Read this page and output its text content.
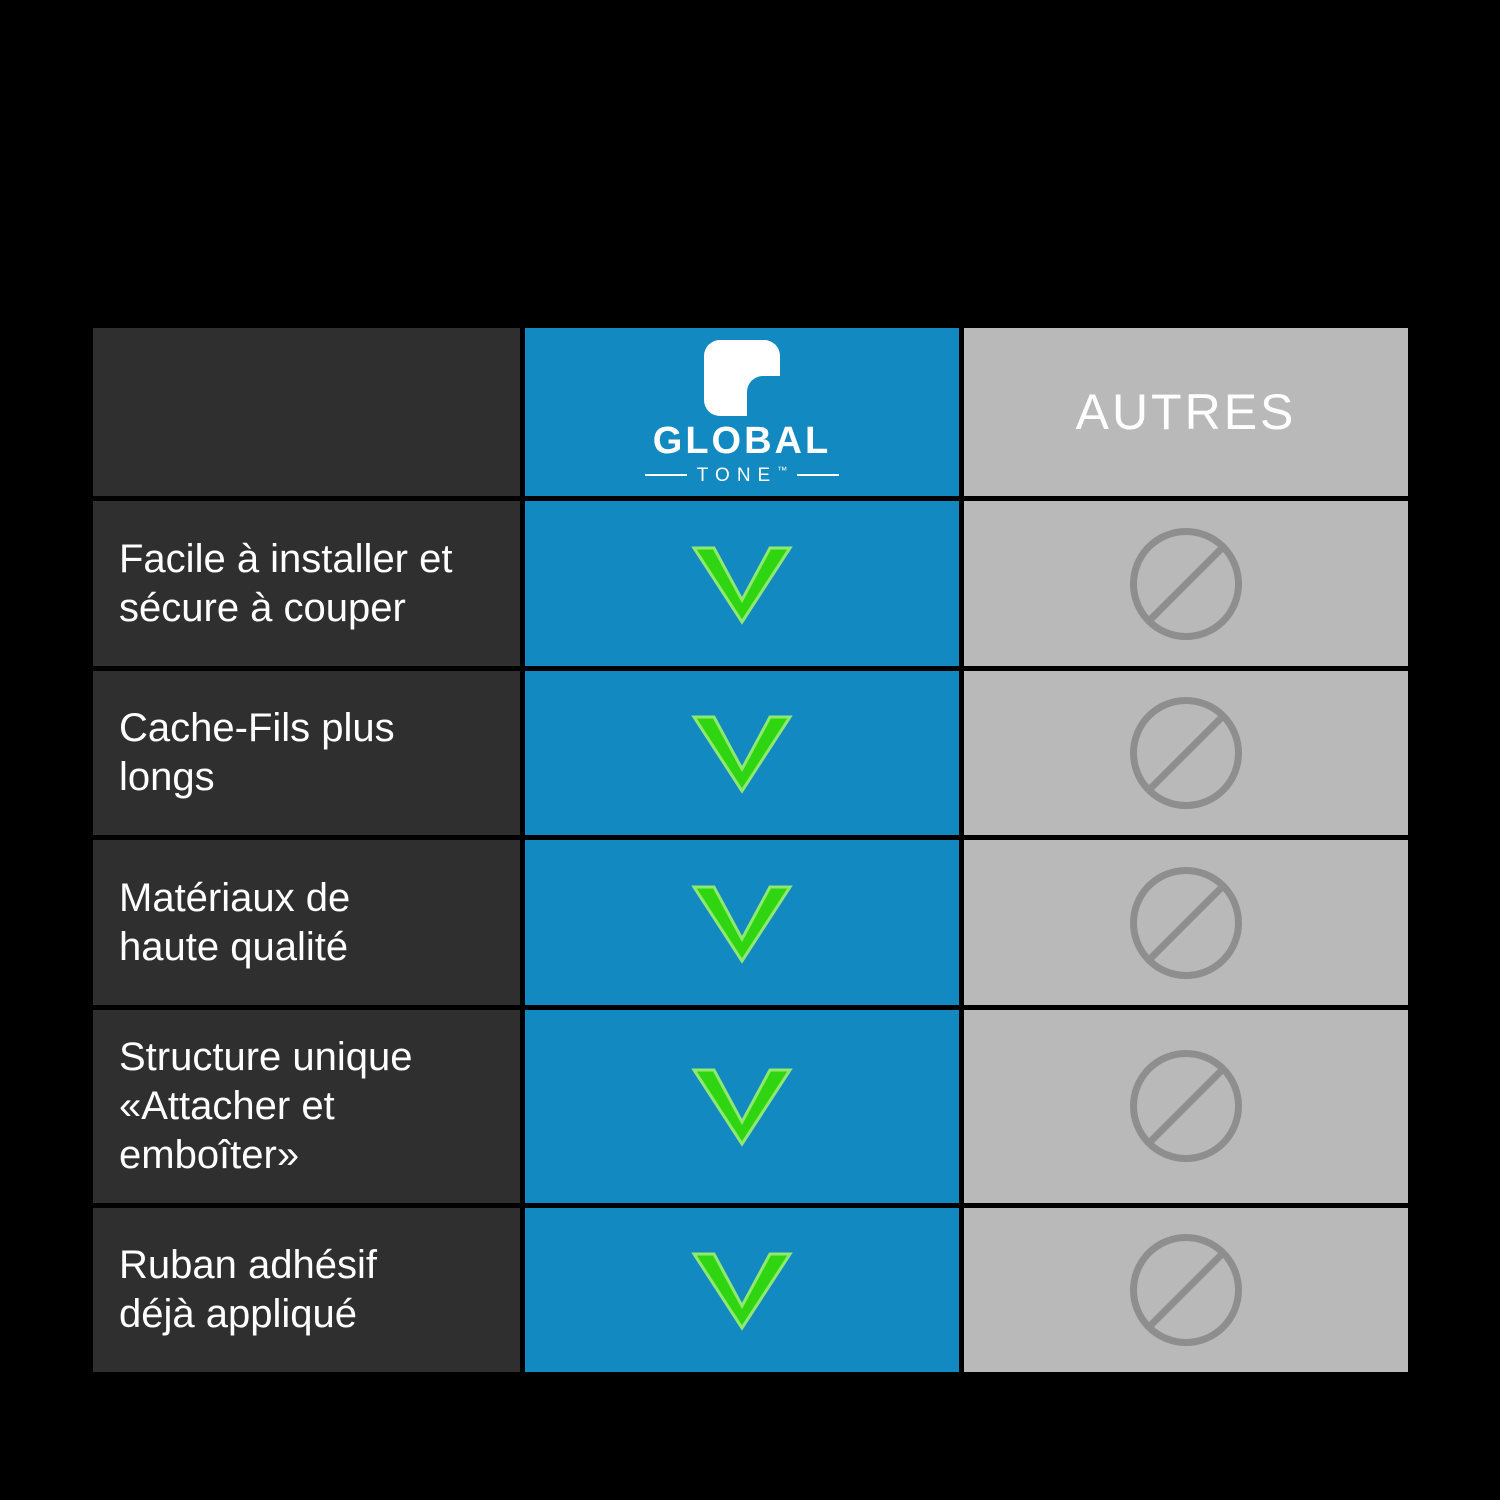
GLOBAL
TONE™
AUTRES
Facile à installer et
sécure à couper
Cache-Fils plus
longs
Matériaux de
haute qualité
Structure unique
«Attacher et
emboîter»
Ruban adhésif
déjà appliqué
